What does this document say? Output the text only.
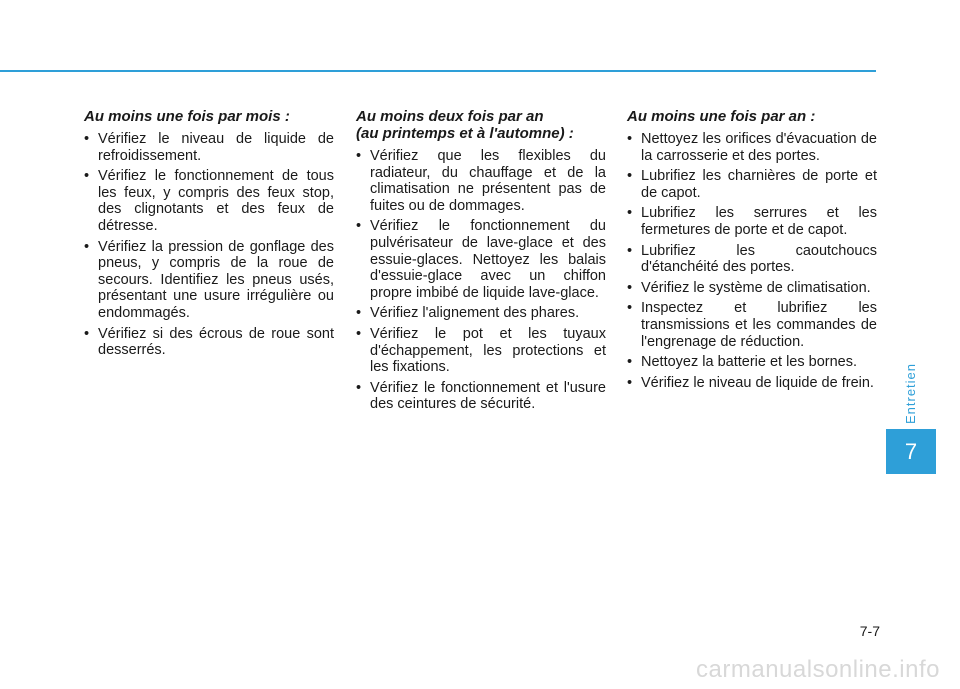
Au moins une fois par mois :
• Vérifiez le niveau de liquide de refroidissement.
• Vérifiez le fonctionnement de tous les feux, y compris des feux stop, des clignotants et des feux de détresse.
• Vérifiez la pression de gonflage des pneus, y compris de la roue de secours. Identifiez les pneus usés, présentant une usure irrégulière ou endommagés.
• Vérifiez si des écrous de roue sont desserrés.
Au moins deux fois par an
(au printemps et à l'automne) :
• Vérifiez que les flexibles du radiateur, du chauffage et de la climatisation ne présentent pas de fuites ou de dommages.
• Vérifiez le fonctionnement du pulvérisateur de lave-glace et des essuie-glaces. Nettoyez les balais d'essuie-glace avec un chiffon propre imbibé de liquide lave-glace.
• Vérifiez l'alignement des phares.
• Vérifiez le pot et les tuyaux d'échappement, les protections et les fixations.
• Vérifiez le fonctionnement et l'usure des ceintures de sécurité.
Au moins une fois par an :
• Nettoyez les orifices d'évacuation de la carrosserie et des portes.
• Lubrifiez les charnières de porte et de capot.
• Lubrifiez les serrures et les fermetures de porte et de capot.
• Lubrifiez les caoutchoucs d'étanchéité des portes.
• Vérifiez le système de climatisation.
• Inspectez et lubrifiez les transmissions et les commandes de l'engrenage de réduction.
• Nettoyez la batterie et les bornes.
• Vérifiez le niveau de liquide de frein. Entretien
7
7-7
carmanualsonline.info
